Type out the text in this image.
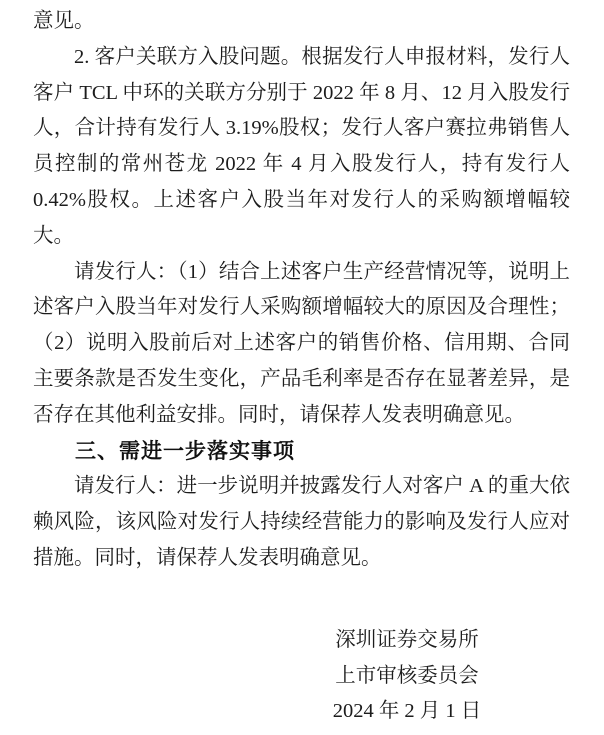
意见。

2. 客户关联方入股问题。根据发行人申报材料，发行人客户 TCL 中环的关联方分别于 2022 年 8 月、12 月入股发行人，合计持有发行人 3.19%股权；发行人客户赛拉弗销售人员控制的常州苍龙 2022 年 4 月入股发行人，持有发行人 0.42%股权。上述客户入股当年对发行人的采购额增幅较大。

请发行人：（1）结合上述客户生产经营情况等，说明上述客户入股当年对发行人采购额增幅较大的原因及合理性；（2）说明入股前后对上述客户的销售价格、信用期、合同主要条款是否发生变化，产品毛利率是否存在显著差异，是否存在其他利益安排。同时，请保荐人发表明确意见。

三、需进一步落实事项

请发行人：进一步说明并披露发行人对客户 A 的重大依赖风险，该风险对发行人持续经营能力的影响及发行人应对措施。同时，请保荐人发表明确意见。

深圳证券交易所

上市审核委员会

2024 年 2 月 1 日
